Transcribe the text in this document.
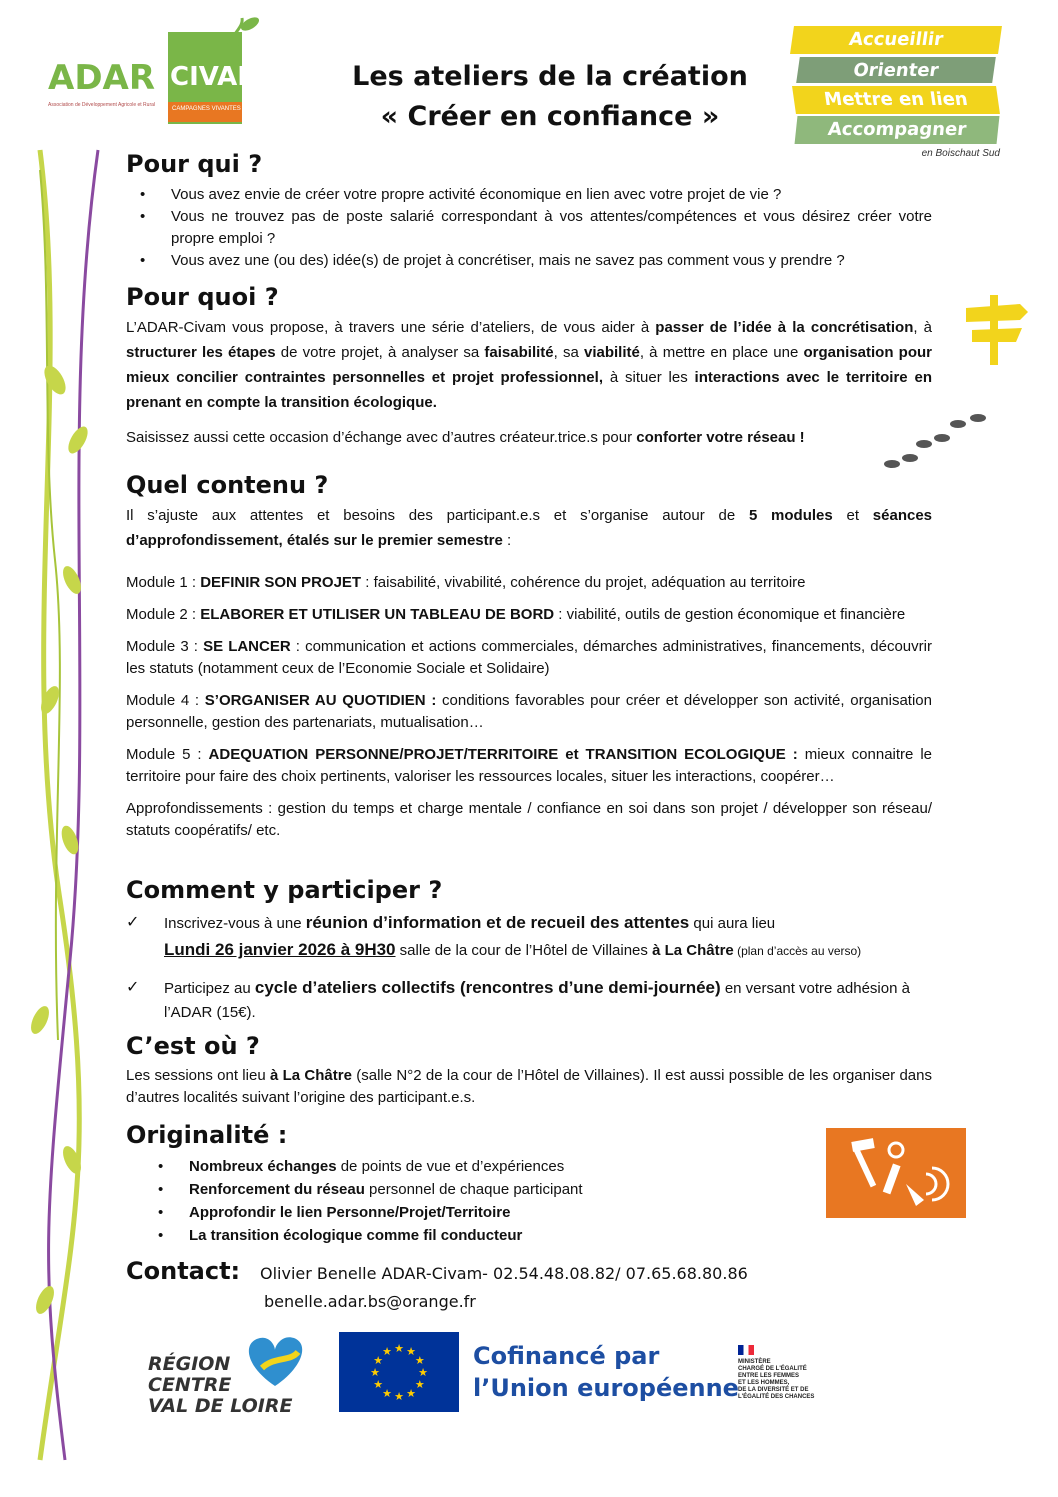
ADAR CIVAM
CAMPAGNES VIVANTES
Association de Développement Agricole et Rural
Les ateliers de la création
« Créer en confiance »
Accueillir
Orienter
Mettre en lien
Accompagner
en Boischaut Sud
Pour qui ?
• Vous avez envie de créer votre propre activité économique en lien avec votre projet de vie ?
• Vous ne trouvez pas de poste salarié correspondant à vos attentes/compétences et vous désirez créer votre propre emploi ?
• Vous avez une (ou des) idée(s) de projet à concrétiser, mais ne savez pas comment vous y prendre ?
Pour quoi ?
L’ADAR-Civam vous propose, à travers une série d’ateliers, de vous aider à passer de l’idée à la concrétisation, à structurer les étapes de votre projet, à analyser sa faisabilité, sa viabilité, à mettre en place une organisation pour mieux concilier contraintes personnelles et projet professionnel, à situer les interactions avec le territoire en prenant en compte la transition écologique.
Saisissez aussi cette occasion d’échange avec d’autres créateur.trice.s pour conforter votre réseau !
Quel contenu ?
Il s’ajuste aux attentes et besoins des participant.e.s et s’organise autour de 5 modules et séances d’approfondissement, étalés sur le premier semestre :
Module 1 : DEFINIR SON PROJET : faisabilité, vivabilité, cohérence du projet, adéquation au territoire
Module 2 : ELABORER ET UTILISER UN TABLEAU DE BORD : viabilité, outils de gestion économique et financière
Module 3 : SE LANCER : communication et actions commerciales, démarches administratives, financements, découvrir les statuts (notamment ceux de l’Economie Sociale et Solidaire)
Module 4 : S’ORGANISER AU QUOTIDIEN : conditions favorables pour créer et développer son activité, organisation personnelle, gestion des partenariats, mutualisation…
Module 5 : ADEQUATION PERSONNE/PROJET/TERRITOIRE et TRANSITION ECOLOGIQUE : mieux connaitre le territoire pour faire des choix pertinents, valoriser les ressources locales, situer les interactions, coopérer…
Approfondissements : gestion du temps et charge mentale / confiance en soi dans son projet / développer son réseau/ statuts coopératifs/ etc.
Comment y participer ?
✓ Inscrivez-vous à une réunion d’information et de recueil des attentes qui aura lieu
Lundi 26 janvier 2026 à 9H30 salle de la cour de l’Hôtel de Villaines à La Châtre (plan d’accès au verso)
✓ Participez au cycle d’ateliers collectifs (rencontres d’une demi-journée) en versant votre adhésion à l’ADAR (15€).
C’est où ?
Les sessions ont lieu à La Châtre (salle N°2 de la cour de l’Hôtel de Villaines). Il est aussi possible de les organiser dans d’autres localités suivant l’origine des participant.e.s.
Originalité :
• Nombreux échanges de points de vue et d’expériences
• Renforcement du réseau personnel de chaque participant
• Approfondir le lien Personne/Projet/Territoire
• La transition écologique comme fil conducteur
Contact: Olivier Benelle ADAR-Civam- 02.54.48.08.82/ 07.65.68.80.86
benelle.adar.bs@orange.fr
RÉGION
CENTRE
VAL DE LOIRE
★ ★
★
★
★
★
★
★
★
★
★
★	Cofinancé par
l’Union européenne
MINISTÈRE
CHARGÉ DE L'ÉGALITÉ
ENTRE LES FEMMES
ET LES HOMMES,
DE LA DIVERSITÉ ET DE
L'ÉGALITÉ DES CHANCES
